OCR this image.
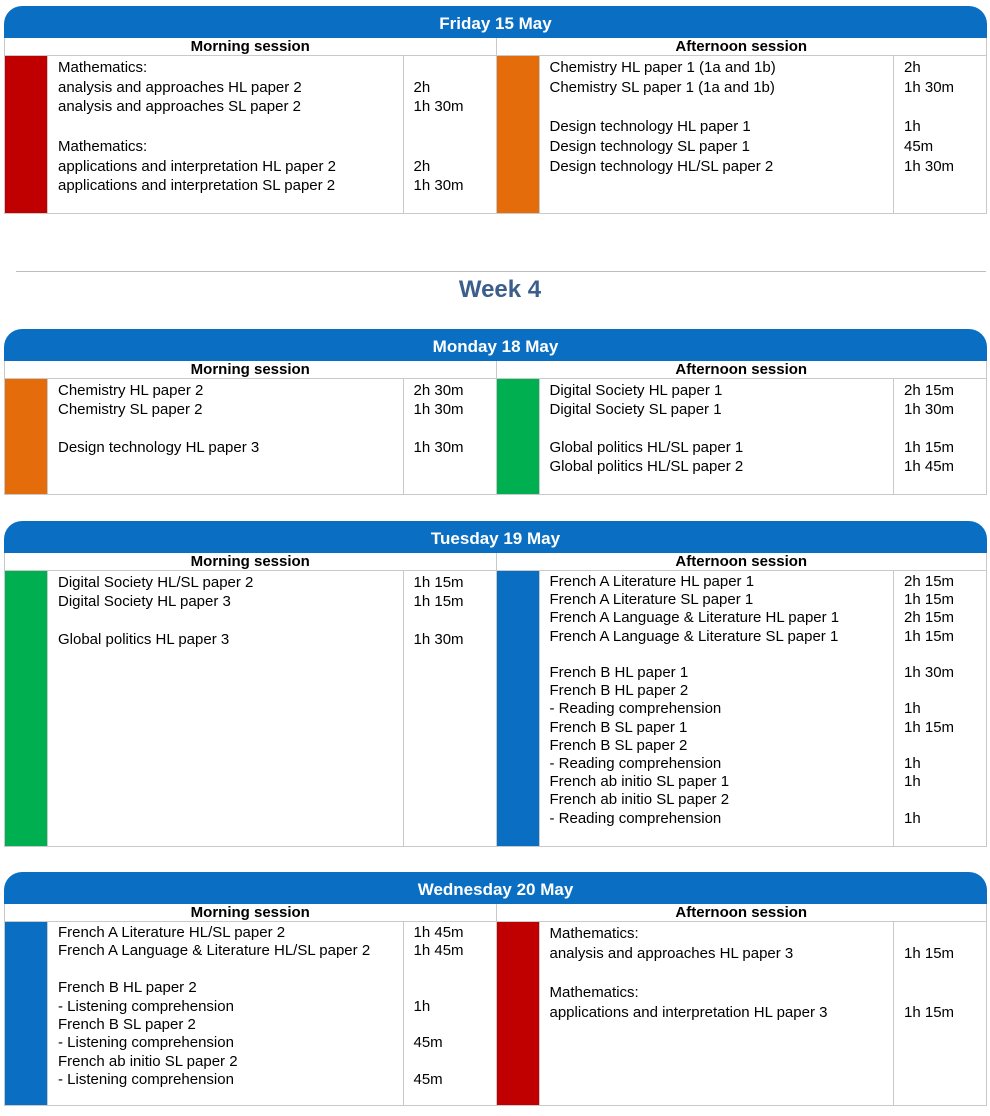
Friday 15 May
Morning session
Mathematics:
analysis and approaches HL paper 2
analysis and approaches SL paper 2
Mathematics:
applications and interpretation HL paper 2
applications and interpretation SL paper 2
2h
1h 30m
2h
1h 30m
Afternoon session
Chemistry HL paper 1 (1a and 1b)
Chemistry SL paper 1 (1a and 1b)
Design technology HL paper 1
Design technology SL paper 1
Design technology HL/SL paper 2
2h
1h 30m
1h
45m
1h 30m
Week 4
Monday 18 May
Morning session
Chemistry HL paper 2
Chemistry SL paper 2
Design technology HL paper 3
2h 30m
1h 30m
1h 30m
Afternoon session
Digital Society HL paper 1
Digital Society SL paper 1
Global politics HL/SL paper 1
Global politics HL/SL paper 2
2h 15m
1h 30m
1h 15m
1h 45m
Tuesday 19 May
Morning session
Digital Society HL/SL paper 2
Digital Society HL paper 3
Global politics HL paper 3
1h 15m
1h 15m
1h 30m
Afternoon session
French A Literature HL paper 1
French A Literature SL paper 1
French A Language & Literature HL paper 1
French A Language & Literature SL paper 1
French B HL paper 1
French B HL paper 2
- Reading comprehension
French B SL paper 1
French B SL paper 2
- Reading comprehension
French ab initio SL paper 1
French ab initio SL paper 2
- Reading comprehension
2h 15m
1h 15m
2h 15m
1h 15m
1h 30m
1h
1h 15m
1h
1h
1h
Wednesday 20 May
Morning session
French A Literature HL/SL paper 2
French A Language & Literature HL/SL paper 2
French B HL paper 2
- Listening comprehension
French B SL paper 2
- Listening comprehension
French ab initio SL paper 2
- Listening comprehension
1h 45m
1h 45m
1h
45m
45m
Afternoon session
Mathematics:
analysis and approaches HL paper 3
Mathematics:
applications and interpretation HL paper 3
1h 15m
1h 15m
